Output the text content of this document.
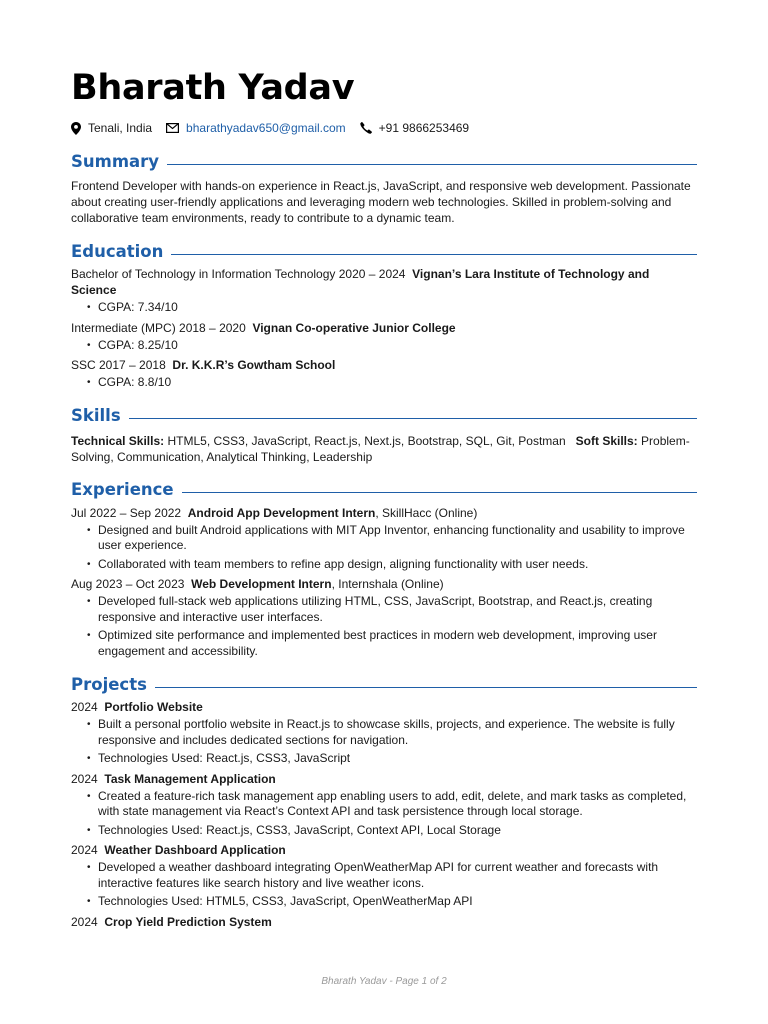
Bharath Yadav
Tenali, India	bharathyadav650@gmail.com	+91 9866253469
Summary
Frontend Developer with hands-on experience in React.js, JavaScript, and responsive web development. Passionate about creating user-friendly applications and leveraging modern web technologies. Skilled in problem-solving and collaborative team environments, ready to contribute to a dynamic team.
Education
Bachelor of Technology in Information Technology 2020 – 2024 Vignan’s Lara Institute of Technology and Science
• CGPA: 7.34/10
Intermediate (MPC) 2018 – 2020 Vignan Co-operative Junior College
• CGPA: 8.25/10
SSC 2017 – 2018 Dr. K.K.R’s Gowtham School
• CGPA: 8.8/10
Skills
Technical Skills: HTML5, CSS3, JavaScript, React.js, Next.js, Bootstrap, SQL, Git, Postman Soft Skills: Problem-Solving, Communication, Analytical Thinking, Leadership
Experience
Jul 2022 – Sep 2022 Android App Development Intern, SkillHacc (Online)
• Designed and built Android applications with MIT App Inventor, enhancing functionality and usability to improve user experience.
• Collaborated with team members to refine app design, aligning functionality with user needs.
Aug 2023 – Oct 2023 Web Development Intern, Internshala (Online)
• Developed full-stack web applications utilizing HTML, CSS, JavaScript, Bootstrap, and React.js, creating responsive and interactive user interfaces.
• Optimized site performance and implemented best practices in modern web development, improving user engagement and accessibility.
Projects
2024 Portfolio Website
• Built a personal portfolio website in React.js to showcase skills, projects, and experience. The website is fully responsive and includes dedicated sections for navigation.
• Technologies Used: React.js, CSS3, JavaScript
2024 Task Management Application
• Created a feature-rich task management app enabling users to add, edit, delete, and mark tasks as completed, with state management via React’s Context API and task persistence through local storage.
• Technologies Used: React.js, CSS3, JavaScript, Context API, Local Storage
2024 Weather Dashboard Application
• Developed a weather dashboard integrating OpenWeatherMap API for current weather and forecasts with interactive features like search history and live weather icons.
• Technologies Used: HTML5, CSS3, JavaScript, OpenWeatherMap API
2024 Crop Yield Prediction System
Bharath Yadav - Page 1 of 2
